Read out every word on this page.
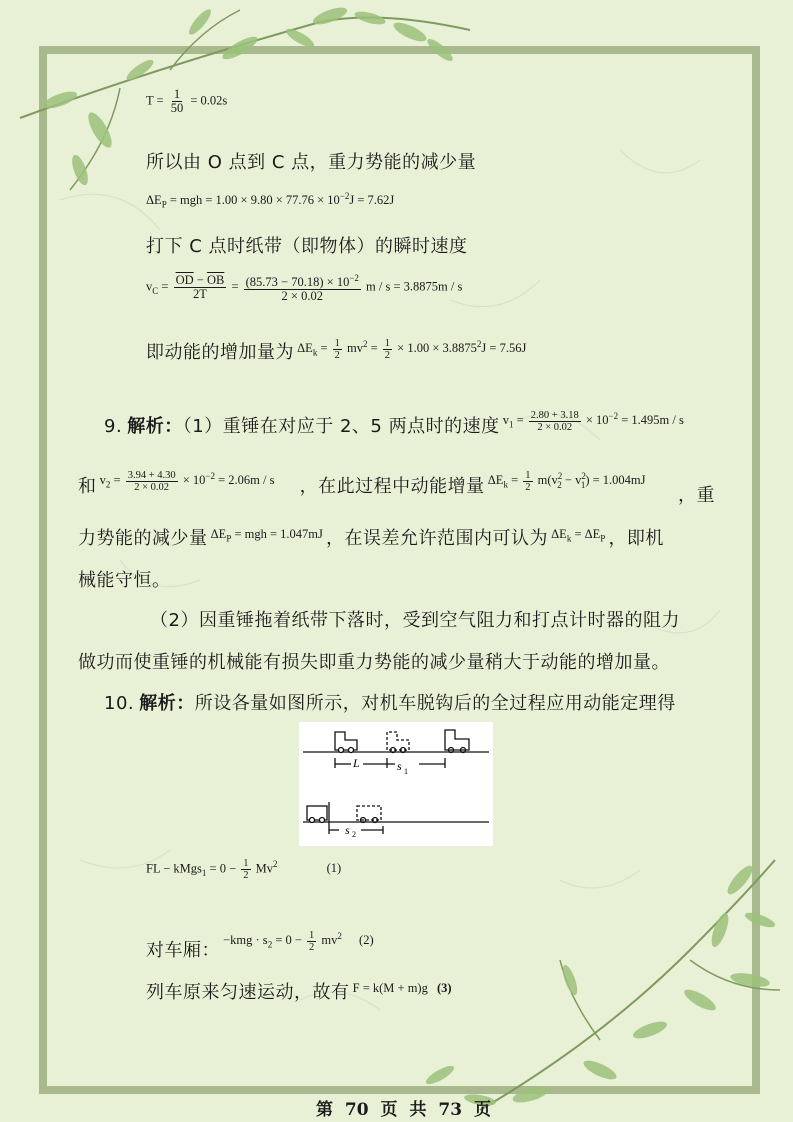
$T = \frac{1}{50} = 0.02s$
所以由 O 点到 C 点，重力势能的减少量
$\Delta E_P$ = mgh = $1.00 \times 9.80 \times 77.76 \times 10^{-2}J = 7.62J$
打下 C 点时纸带（即物体）的瞬时速度
$v_C = \frac{\overline{OD} - \overline{OB}}{2T} = \frac{(85.73 - 70.18) \times 10^{-2}}{2 \times 0.02}$ m / s = 3.8875m / s
即动能的增加量为 $^{\Delta E_k = \frac{1}{2} mv^2 = \frac{1}{2} \times 1.00 \times 3.8875^2J = 7.56J}$
9. 解析：（1）重锤在对应于 2、5 两点时的速度 $^{v_1 = \frac{2.80 + 3.18}{2 \times 0.02} \times 10^{-2} = 1.495m / s}$
和 $^{v_2 = \frac{3.94 + 4.30}{2 \times 0.02} \times 10^{-2} = 2.06m / s}$ ，在此过程中动能增量 $^{\Delta E_k = \frac{1}{2} m(v^2_2 - v^2_1) = 1.004mJ}$
，重
力势能的减少量 $^{\Delta E_P = mgh = 1.047mJ}$ ，在误差允许范围内可认为 $^{\Delta E_k = \Delta E_P}$ ，即机
械能守恒。
（2）因重锤拖着纸带下落时，受到空气阻力和打点计时器的阻力
做功而使重锤的机械能有损失即重力势能的减少量稍大于动能的增加量。
10. 解析：所设各量如图所示，对机车脱钩后的全过程应用动能定理得
L	s 1
s 2
FL − kMgs$_1$ = $0 - \frac{1}{2} Mv^2$	(1)
对车厢： $-kmg \cdot s_2 = 0 - \frac{1}{2} mv^2$ (2)
列车原来匀速运动，故有 $^{F = k(M + m)g (3)}$
第 70 页 共 73 页
